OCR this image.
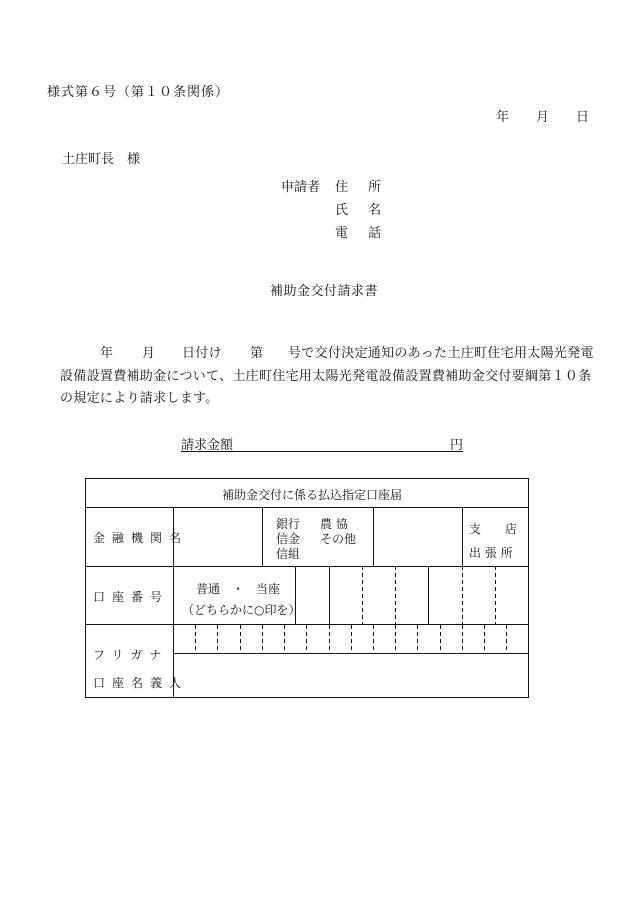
様式第６号（第１０条関係）
年 月 日
土庄町長　様
申請者 住 所
氏 名
電 話
補助金交付請求書
年 月 日付け 第 号で交付決定通知のあった土庄町住宅用太陽光発電
設備設置費補助金について、土庄町住宅用太陽光発電設備設置費補助金交付要綱第１０条
の規定により請求します。
請求金額	円
補助金交付に係る払込指定口座届
金融機関名
銀行 農 協
信金 その他
信組
支　　店
出 張 所
口座番号
普通　・　当座
（どちらかに○印を）
フリガナ
口座名義人
